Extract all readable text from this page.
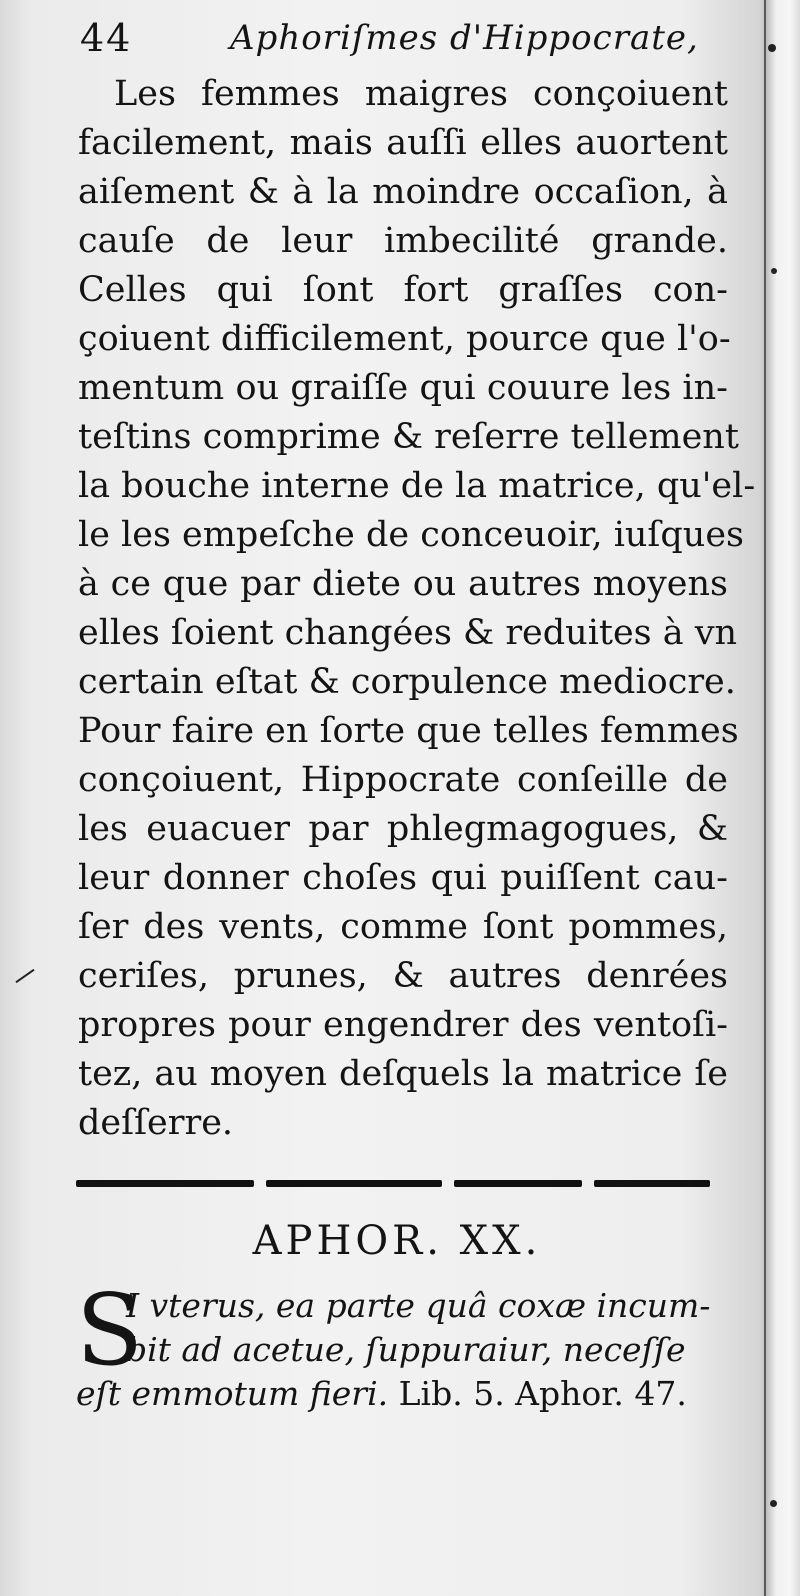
44	Aphoriſmes d'Hippocrate,

Les femmes maigres conçoiuent
facilement, mais auſſi elles auortent
aiſement & à la moindre occaſion, à
cauſe de leur imbecilité grande.
Celles qui ſont fort graſſes con-
çoiuent difficilement, pource que l'o-
mentum ou graiſſe qui couure les in-
teſtins comprime & reſerre tellement
la bouche interne de la matrice, qu'el-
le les empeſche de conceuoir, iuſques
à ce que par diete ou autres moyens
elles ſoient changées & reduites à vn
certain eſtat & corpulence mediocre.
Pour faire en ſorte que telles femmes
conçoiuent, Hippocrate conſeille de
les euacuer par phlegmagogues, &
leur donner choſes qui puiſſent cau-
ſer des vents, comme ſont pommes,
ceriſes, prunes, & autres denrées
propres pour engendrer des ventoſi-
tez, au moyen deſquels la matrice ſe
deſſerre.

APHOR. XX.
S
I vterus, ea parte quâ coxæ incum-
bit ad acetue, ſuppuraiur, neceſſe
eſt emmotum fieri. Lib. 5. Aphor. 47.
